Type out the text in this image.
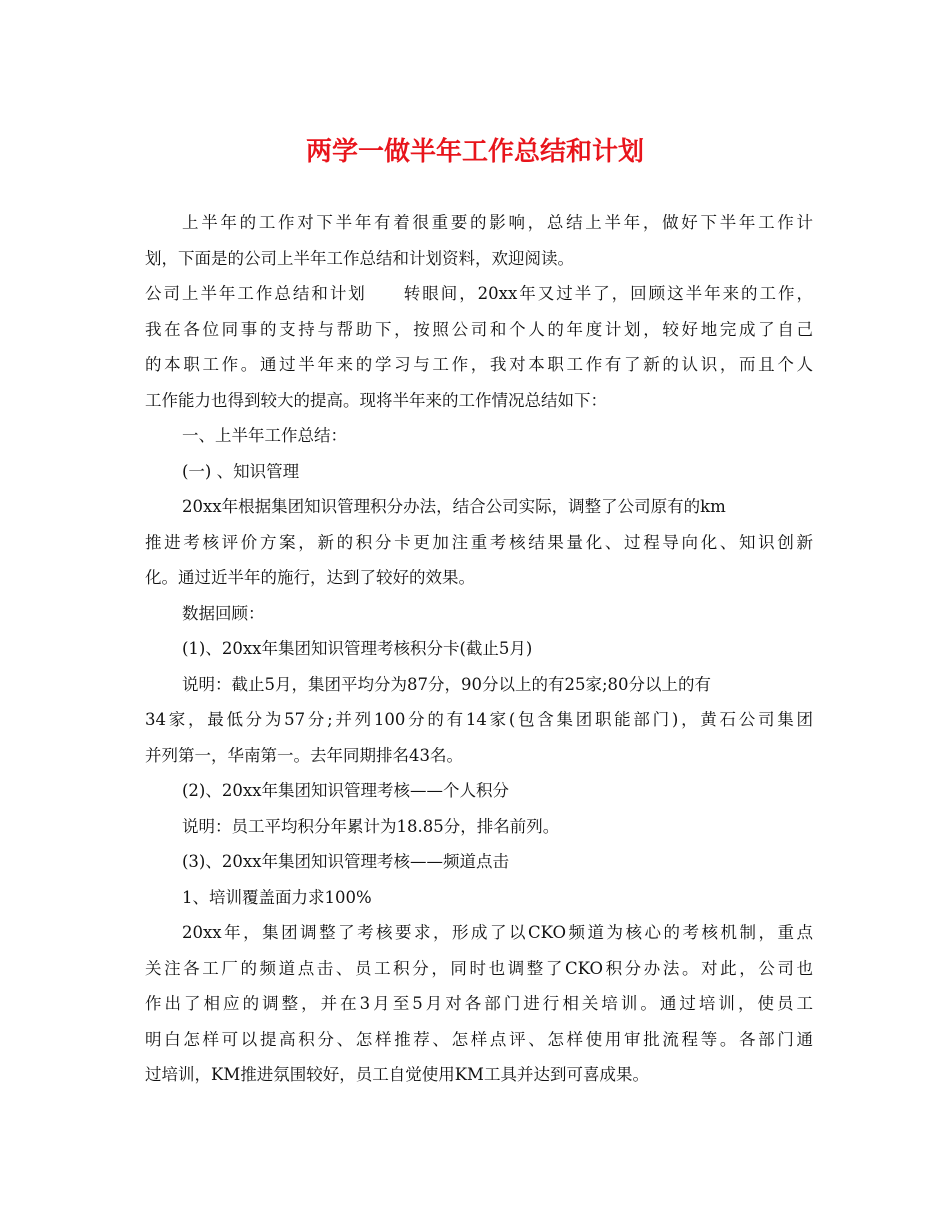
两学一做半年工作总结和计划
上半年的工作对下半年有着很重要的影响，总结上半年，做好下半年工作计
划，下面是的公司上半年工作总结和计划资料，欢迎阅读。
公司上半年工作总结和计划　　转眼间，20xx年又过半了，回顾这半年来的工作，
我在各位同事的支持与帮助下，按照公司和个人的年度计划，较好地完成了自己
的本职工作。通过半年来的学习与工作，我对本职工作有了新的认识，而且个人
工作能力也得到较大的提高。现将半年来的工作情况总结如下：
一、上半年工作总结：
(一) 、知识管理
20xx年根据集团知识管理积分办法，结合公司实际，调整了公司原有的km
推进考核评价方案，新的积分卡更加注重考核结果量化、过程导向化、知识创新
化。通过近半年的施行，达到了较好的效果。
数据回顾：
(1)、20xx年集团知识管理考核积分卡(截止5月)
说明：截止5月，集团平均分为87分，90分以上的有25家;80分以上的有
34家，最低分为57分;并列100分的有14家(包含集团职能部门)，黄石公司集团
并列第一，华南第一。去年同期排名43名。
(2)、20xx年集团知识管理考核——个人积分
说明：员工平均积分年累计为18.85分，排名前列。
(3)、20xx年集团知识管理考核——频道点击
1、培训覆盖面力求100%
20xx年，集团调整了考核要求，形成了以CKO频道为核心的考核机制，重点
关注各工厂的频道点击、员工积分，同时也调整了CKO积分办法。对此，公司也
作出了相应的调整，并在3月至5月对各部门进行相关培训。通过培训，使员工
明白怎样可以提高积分、怎样推荐、怎样点评、怎样使用审批流程等。各部门通
过培训，KM推进氛围较好，员工自觉使用KM工具并达到可喜成果。
